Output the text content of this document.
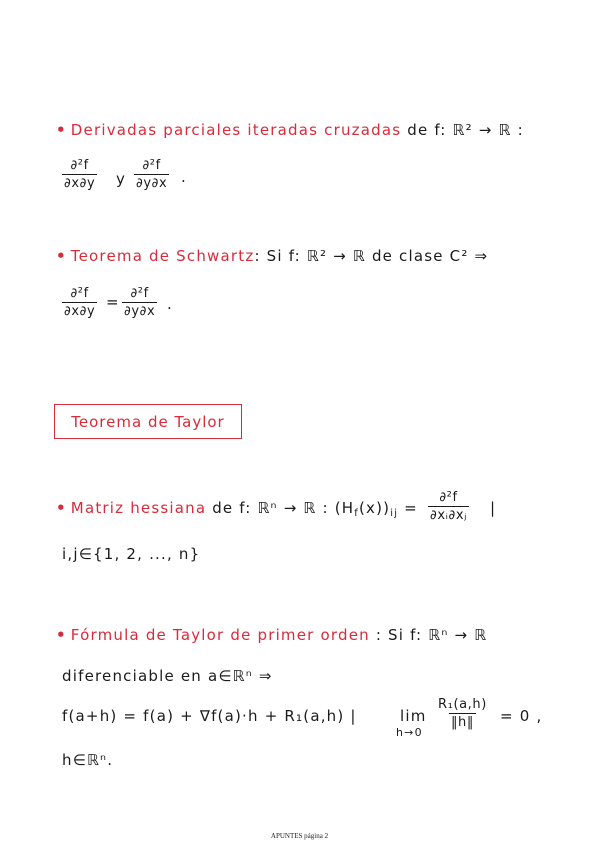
• Derivadas parciales iteradas cruzadas de f: ℝ² → ℝ :
$\frac{\text{∂²f}}{\partial x\partial y}$ y $\frac{\text{∂²f}}{\partial y\partial x}$ .
• Teorema de Schwartz: Si f: ℝ² → ℝ de clase C² ⇒
$\frac{\text{∂²f}}{\partial x\partial y} = \frac{\text{∂²f}}{\partial y\partial x}$ .
Teorema de Taylor
• Matriz hessiana de f: ℝⁿ → ℝ : $(H_f(x))_{ij} = \frac{\text{∂²f}}{\text{∂xᵢ∂xⱼ}}$ |
i,j∈{1, 2, ..., n}
• Fórmula de Taylor de primer orden : Si f: ℝⁿ → ℝ
diferenciable en a∈ℝⁿ ⇒
f(a+h) = f(a) + ∇f(a)·h + R₁(a,h) |	lim
h→0
$\frac{\text{R₁(a,h)}}{‖h‖} = 0$ ,
h∈ℝⁿ.
APUNTES página 2
